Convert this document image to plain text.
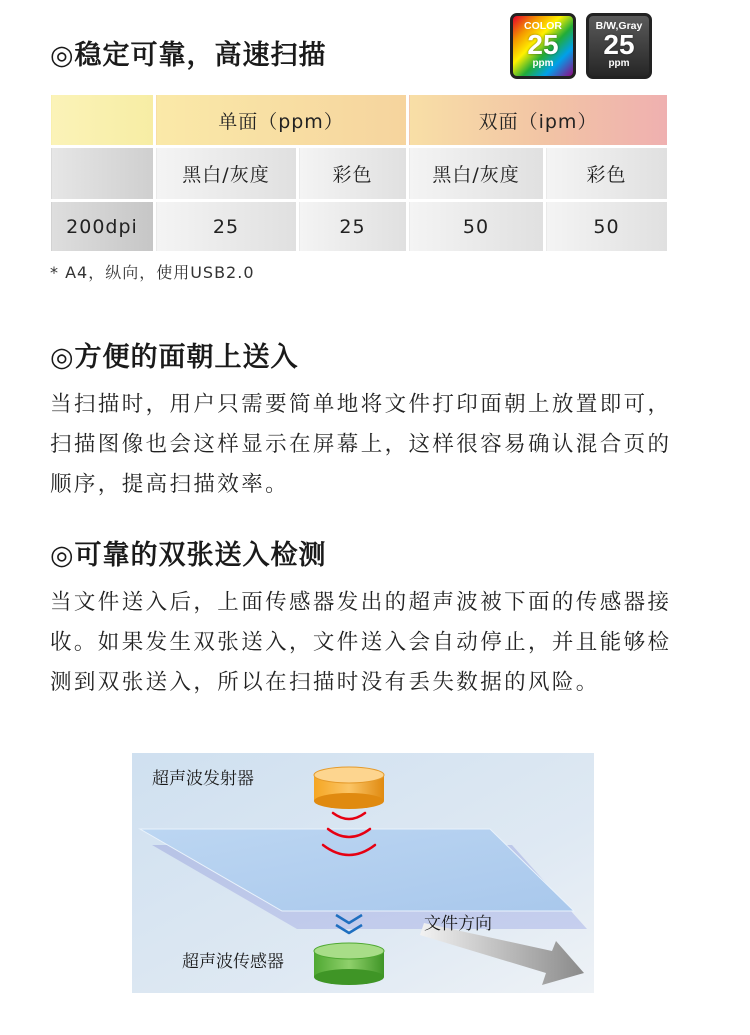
◎稳定可靠，高速扫描
COLOR
25
ppm
B/W,Gray
25
ppm
	单面（ppm）		双面（ipm）	
	黑白/灰度	彩色	黑白/灰度	彩色
200dpi	25	25	50	50
* A4，纵向，使用USB2.0
◎方便的面朝上送入

当扫描时，用户只需要简单地将文件打印面朝上放置即可，扫描图像也会这样显示在屏幕上，这样很容易确认混合页的顺序，提高扫描效率。

◎可靠的双张送入检测

当文件送入后，上面传感器发出的超声波被下面的传感器接收。如果发生双张送入，文件送入会自动停止，并且能够检测到双张送入，所以在扫描时没有丢失数据的风险。

超声波发射器
超声波传感器
文件方向
